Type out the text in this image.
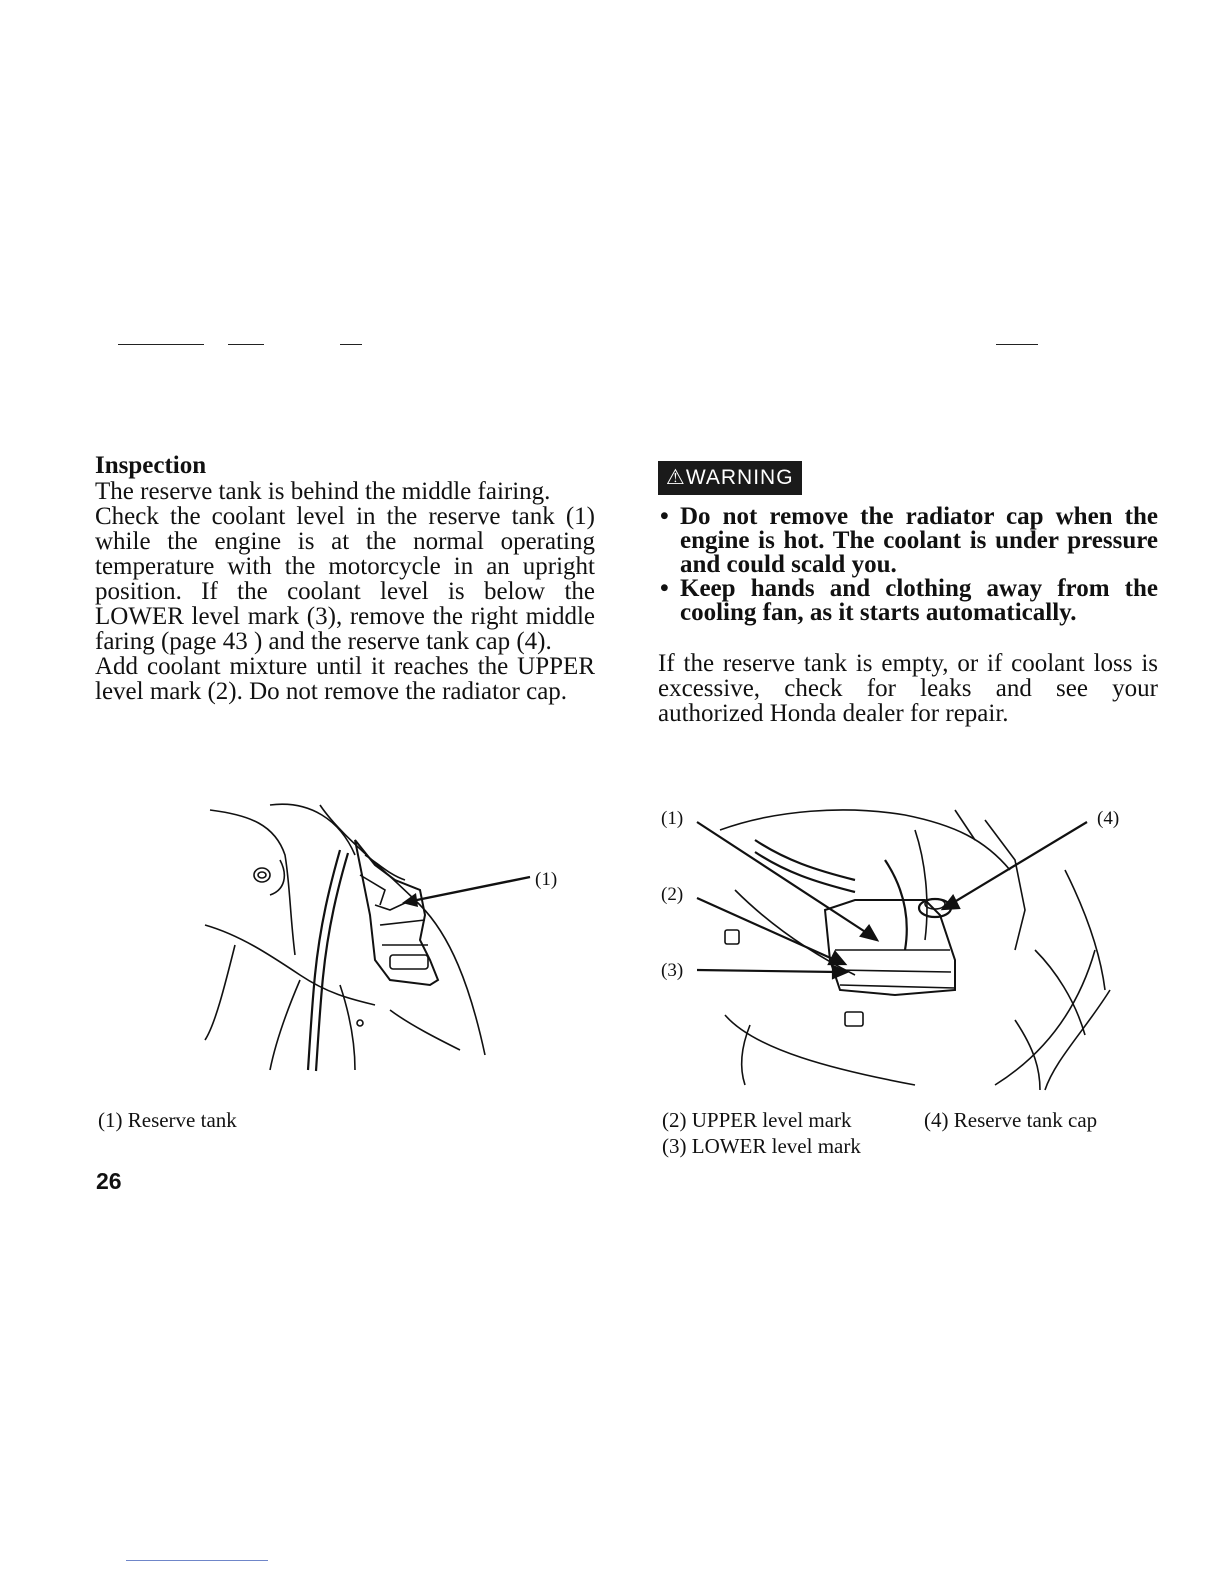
Inspection

The reserve tank is behind the middle fairing.

Check the coolant level in the reserve tank (1) while the engine is at the normal operating temperature with the motorcycle in an upright position. If the coolant level is below the LOWER level mark (3), remove the right middle faring (page 43 ) and the reserve tank cap (4).

Add coolant mixture until it reaches the UPPER level mark (2). Do not remove the radiator cap.

(1)
(1) Reserve tank
⚠WARNING
• Do not remove the radiator cap when the engine is hot. The coolant is under pressure and could scald you.
• Keep hands and clothing away from the cooling fan, as it starts automatically.

If the reserve tank is empty, or if coolant loss is excessive, check for leaks and see your authorized Honda dealer for repair.

(1)
(2)
(3)
(4)
(2) UPPER level mark	(4) Reserve tank cap
(3) LOWER level mark
26
